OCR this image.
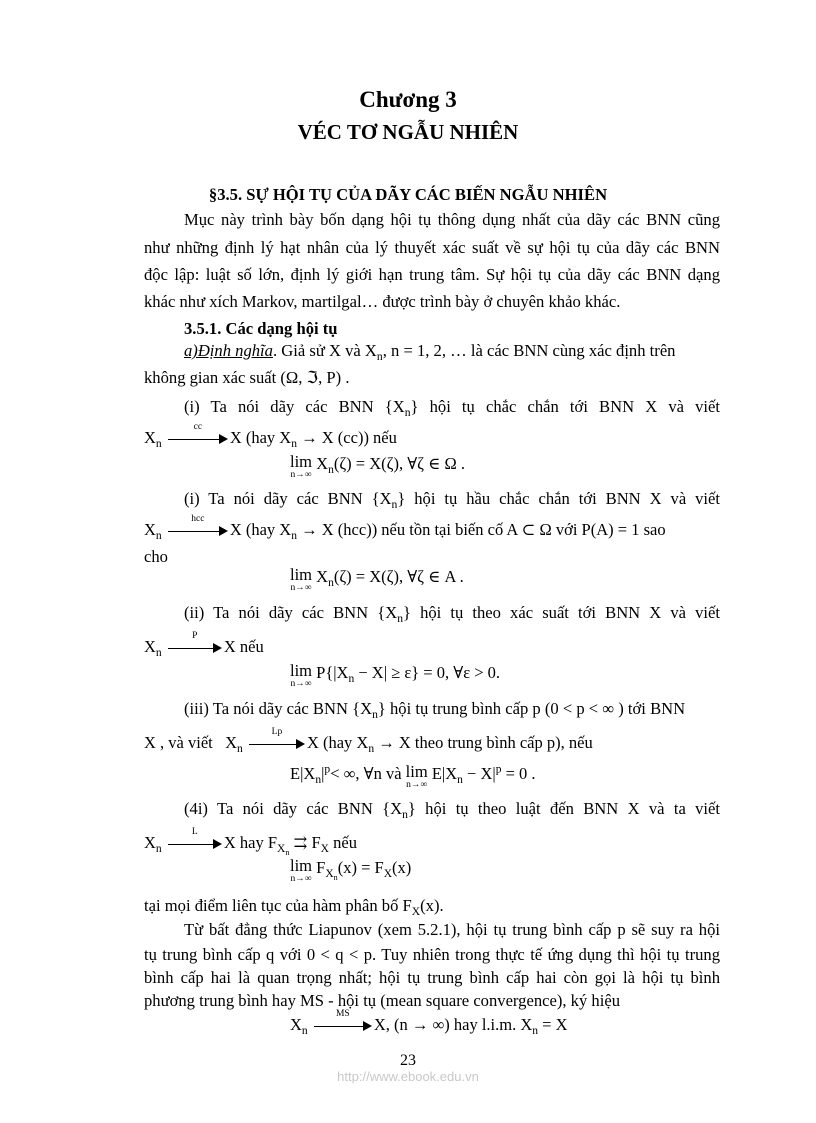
Chương 3
VÉC TƠ NGẪU NHIÊN
§3.5. SỰ HỘI TỤ CỦA DÃY CÁC BIẾN NGẪU NHIÊN
Mục này trình bày bốn dạng hội tụ thông dụng nhất của dãy các BNN cũng
như những định lý hạt nhân của lý thuyết xác suất về sự hội tụ của dãy các BNN
độc lập: luật số lớn, định lý giới hạn trung tâm. Sự hội tụ của dãy các BNN dạng
khác như xích Markov, martilgal… được trình bày ở chuyên khảo khác.
3.5.1. Các dạng hội tụ
a)Định nghĩa. Giả sử X và $X_n$, n = 1, 2, … là các BNN cùng xác định trên
không gian xác suất (Ω, ℑ, P) .
(i) Ta nói dãy các BNN $\{X_n\}$ hội tụ chắc chắn tới BNN X và viết
$X_n$
cc
X (hay $X_n \to X$ (cc)) nếu
lim
n→∞
$X_n(\zeta) = X(\zeta)$, ∀ζ ∈ Ω .
(i) Ta nói dãy các BNN $\{X_n\}$ hội tụ hầu chắc chắn tới BNN X và viết
$X_n$
hcc
X (hay $X_n \to X$ (hcc)) nếu tồn tại biến cố A ⊂ Ω với P(A) = 1 sao
cho
lim
n→∞
$X_n(\zeta) = X(\zeta)$, ∀ζ ∈ A .
(ii) Ta nói dãy các BNN $\{X_n\}$ hội tụ theo xác suất tới BNN X và viết
$X_n$
P
X nếu
lim
n→∞
$P\{|X_n - X| \ge \varepsilon\} = 0$, ∀ε > 0.
(iii) Ta nói dãy các BNN $\{X_n\}$ hội tụ trung bình cấp p (0 < p < ∞ ) tới BNN
X , và viết $X_n$
Lp
X (hay $X_n \to X$ theo trung bình cấp p), nếu
$E|X_n|^p<$ ∞, ∀n và lim
n→∞
$E|X_n - X|^p = 0$ .
(4i) Ta nói dãy các BNN $\{X_n\}$ hội tụ theo luật đến BNN X và ta viết
$X_n$
L
X hay $F_{X_n}$ ⇉ $F_X$ nếu
lim
n→∞
$F_{X_n}(x) = F_X(x)$
tại mọi điểm liên tục của hàm phân bố $F_X(x)$.
Từ bất đẳng thức Liapunov (xem 5.2.1), hội tụ trung bình cấp p sẽ suy ra hội
tụ trung bình cấp q với 0 < q < p. Tuy nhiên trong thực tế ứng dụng thì hội tụ trung
bình cấp hai là quan trọng nhất; hội tụ trung bình cấp hai còn gọi là hội tụ bình
phương trung bình hay MS - hội tụ (mean square convergence), ký hiệu
$X_n$
MS
X, (n → ∞) hay l.i.m. $X_n = X$
23
http://www.ebook.edu.vn
